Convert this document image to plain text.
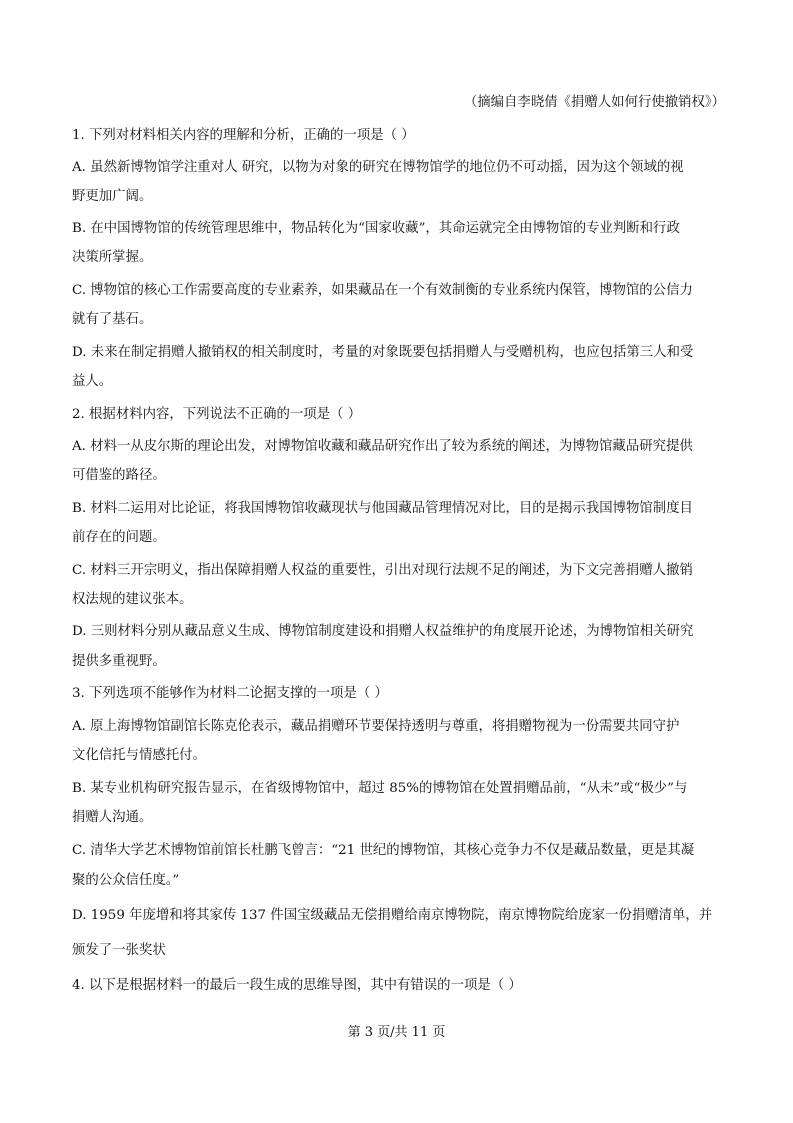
（摘编自李晓倩《捐赠人如何行使撤销权》）
1. 下列对材料相关内容的理解和分析，正确的一项是（ ）
A. 虽然新博物馆学注重对人 研究，以物为对象的研究在博物馆学的地位仍不可动摇，因为这个领域的视
野更加广阔。
B. 在中国博物馆的传统管理思维中，物品转化为“国家收藏”，其命运就完全由博物馆的专业判断和行政
决策所掌握。
C. 博物馆的核心工作需要高度的专业素养，如果藏品在一个有效制衡的专业系统内保管，博物馆的公信力
就有了基石。
D. 未来在制定捐赠人撤销权的相关制度时，考量的对象既要包括捐赠人与受赠机构，也应包括第三人和受
益人。
2. 根据材料内容，下列说法不正确的一项是（ ）
A. 材料一从皮尔斯的理论出发，对博物馆收藏和藏品研究作出了较为系统的阐述，为博物馆藏品研究提供
可借鉴的路径。
B. 材料二运用对比论证，将我国博物馆收藏现状与他国藏品管理情况对比，目的是揭示我国博物馆制度目
前存在的问题。
C. 材料三开宗明义，指出保障捐赠人权益的重要性，引出对现行法规不足的阐述，为下文完善捐赠人撤销
权法规的建议张本。
D. 三则材料分别从藏品意义生成、博物馆制度建设和捐赠人权益维护的角度展开论述，为博物馆相关研究
提供多重视野。
3. 下列选项不能够作为材料二论据支撑的一项是（ ）
A. 原上海博物馆副馆长陈克伦表示，藏品捐赠环节要保持透明与尊重，将捐赠物视为一份需要共同守护
文化信托与情感托付。
B. 某专业机构研究报告显示，在省级博物馆中，超过 85%的博物馆在处置捐赠品前，“从未”或“极少”与
捐赠人沟通。
C. 清华大学艺术博物馆前馆长杜鹏飞曾言：“21 世纪的博物馆，其核心竞争力不仅是藏品数量，更是其凝
聚的公众信任度。”
D. 1959 年庞增和将其家传 137 件国宝级藏品无偿捐赠给南京博物院，南京博物院给庞家一份捐赠清单，并
颁发了一张奖状
4. 以下是根据材料一的最后一段生成的思维导图，其中有错误的一项是（ ）
第 3 页/共 11 页
